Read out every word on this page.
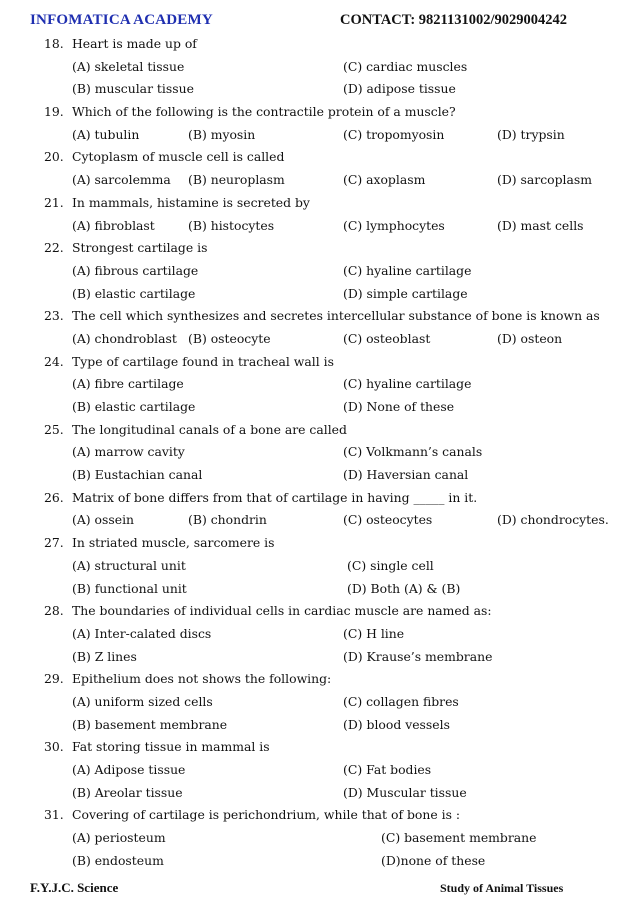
INFOMATICA ACADEMY	CONTACT: 9821131002/9029004242
18. Heart is made up of
(A) skeletal tissue	(C) cardiac muscles
(B) muscular tissue	(D) adipose tissue
19. Which of the following is the contractile protein of a muscle?
(A) tubulin	(B) myosin	(C) tropomyosin	(D) trypsin
20. Cytoplasm of muscle cell is called
(A) sarcolemma (B) neuroplasm	(C) axoplasm	(D) sarcoplasm
21. In mammals, histamine is secreted by
(A) fibroblast	(B) histocytes	(C) lymphocytes	(D) mast cells
22. Strongest cartilage is
(A) fibrous cartilage	(C) hyaline cartilage
(B) elastic cartilage	(D) simple cartilage
23. The cell which synthesizes and secretes intercellular substance of bone is known as
(A) chondroblast (B) osteocyte	(C) osteoblast	(D) osteon
24. Type of cartilage found in tracheal wall is
(A) fibre cartilage	(C) hyaline cartilage
(B) elastic cartilage	(D) None of these
25. The longitudinal canals of a bone are called
(A) marrow cavity	(C) Volkmann’s canals
(B) Eustachian canal	(D) Haversian canal
26. Matrix of bone differs from that of cartilage in having _____ in it.
(A) ossein	(B) chondrin	(C) osteocytes	(D) chondrocytes.
27. In striated muscle, sarcomere is
(A) structural unit	(C) single cell
(B) functional unit	(D) Both (A) & (B)
28. The boundaries of individual cells in cardiac muscle are named as:
(A) Inter-calated discs	(C) H line
(B) Z lines	(D) Krause’s membrane
29. Epithelium does not shows the following:
(A) uniform sized cells	(C) collagen fibres
(B) basement membrane	(D) blood vessels
30. Fat storing tissue in mammal is
(A) Adipose tissue	(C) Fat bodies
(B) Areolar tissue	(D) Muscular tissue
31. Covering of cartilage is perichondrium, while that of bone is :
(A) periosteum	(C) basement membrane
(B) endosteum	(D)none of these
F.Y.J.C. Science	Study of Animal Tissues
